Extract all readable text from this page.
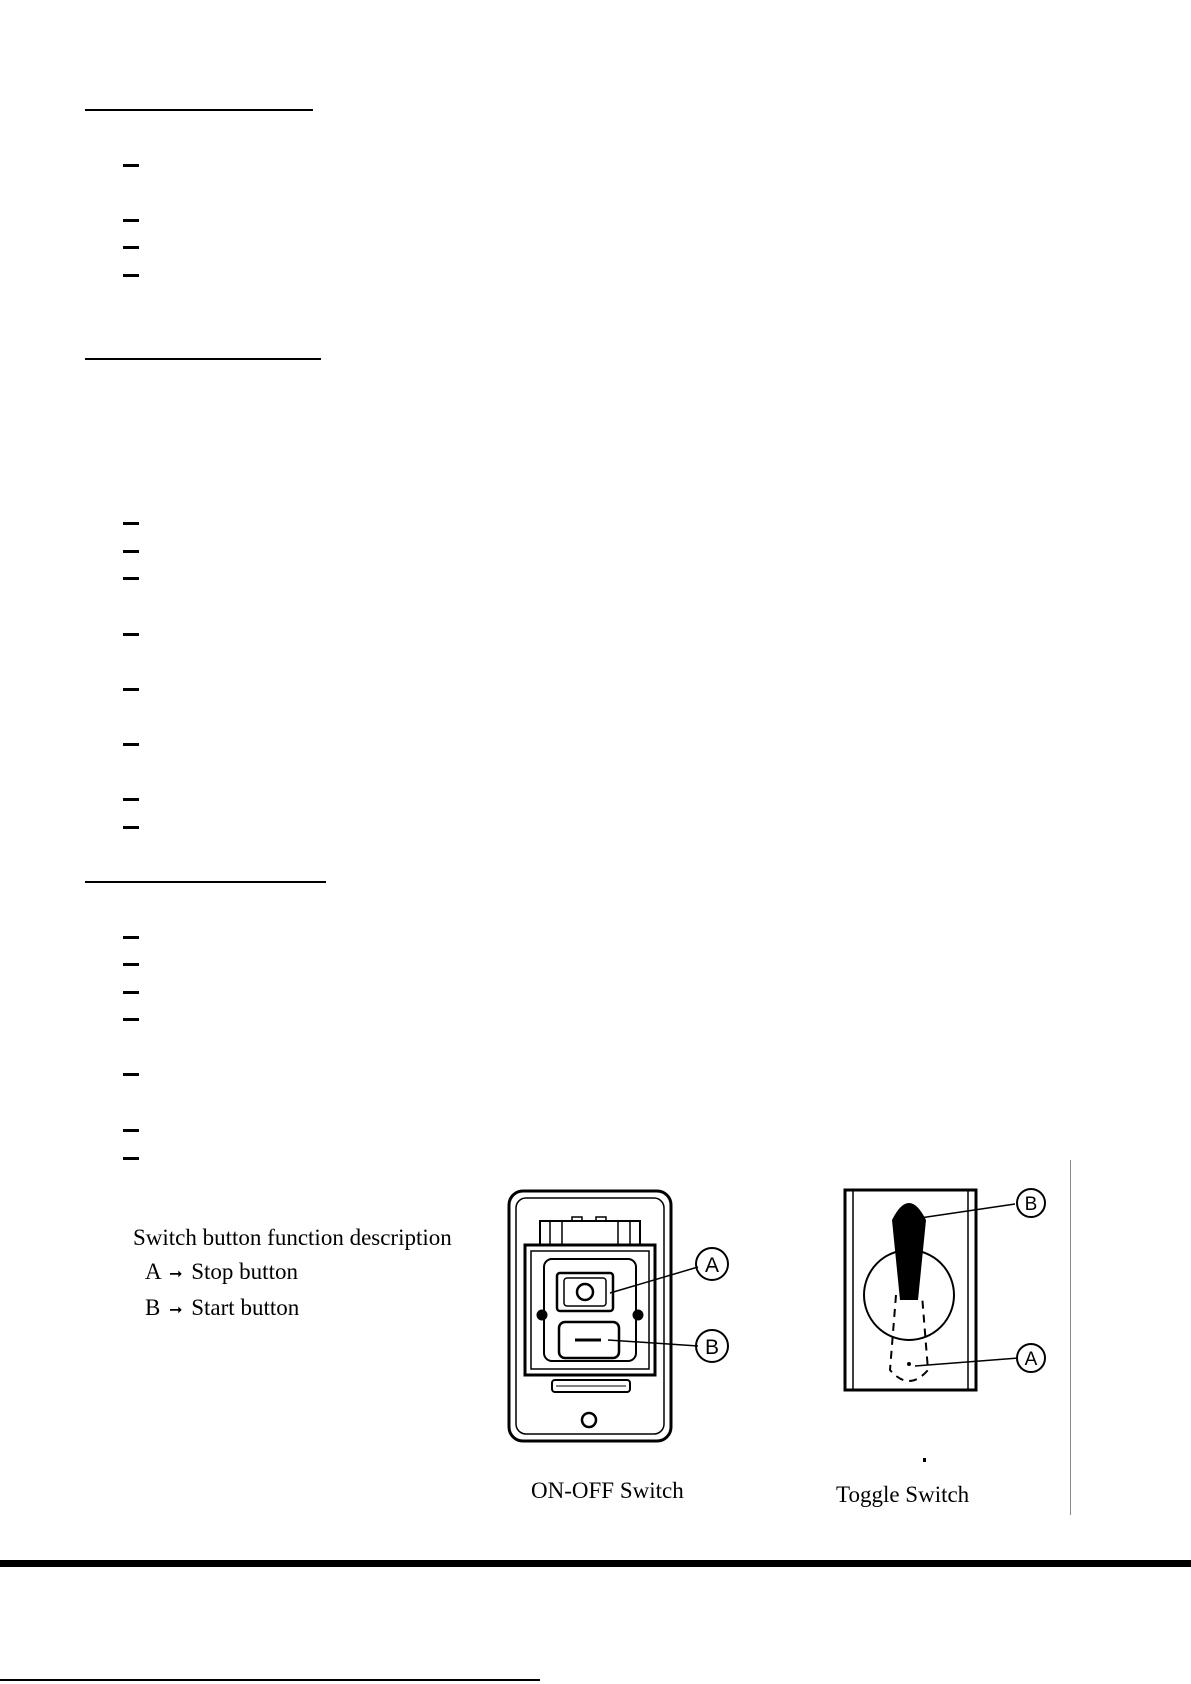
Switch button function description
A ➞ Stop button
B ➞ Start button
A
B
ON-OFF Switch
B
A
Toggle Switch
